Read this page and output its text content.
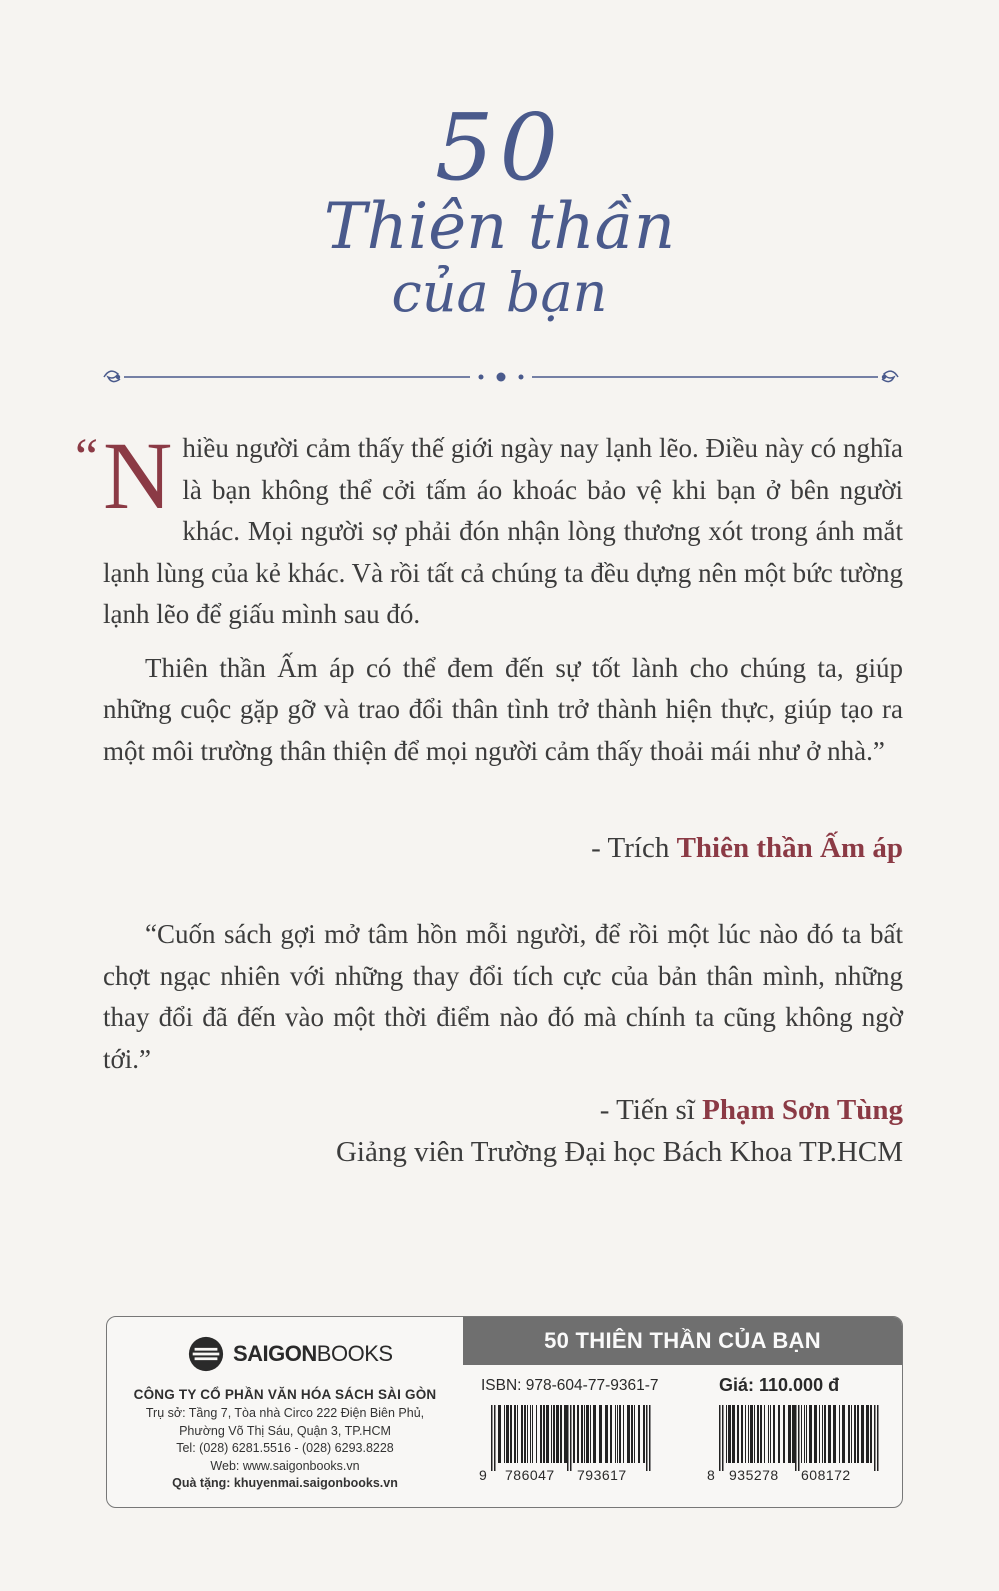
50
Thiên thần
của bạn
“ Nhiều người cảm thấy thế giới ngày nay lạnh lẽo. Điều này có nghĩa là bạn không thể cởi tấm áo khoác bảo vệ khi bạn ở bên người khác. Mọi người sợ phải đón nhận lòng thương xót trong ánh mắt lạnh lùng của kẻ khác. Và rồi tất cả chúng ta đều dựng nên một bức tường lạnh lẽo để giấu mình sau đó.

Thiên thần Ấm áp có thể đem đến sự tốt lành cho chúng ta, giúp những cuộc gặp gỡ và trao đổi thân tình trở thành hiện thực, giúp tạo ra một môi trường thân thiện để mọi người cảm thấy thoải mái như ở nhà.”

- Trích Thiên thần Ấm áp

“Cuốn sách gợi mở tâm hồn mỗi người, để rồi một lúc nào đó ta bất chợt ngạc nhiên với những thay đổi tích cực của bản thân mình, những thay đổi đã đến vào một thời điểm nào đó mà chính ta cũng không ngờ tới.”

- Tiến sĩ Phạm Sơn Tùng
Giảng viên Trường Đại học Bách Khoa TP.HCM
SAIGONBOOKS
CÔNG TY CỔ PHẦN VĂN HÓA SÁCH SÀI GÒN
Trụ sở: Tầng 7, Tòa nhà Circo 222 Điện Biên Phủ,
Phường Võ Thị Sáu, Quận 3, TP.HCM
Tel: (028) 6281.5516 - (028) 6293.8228
Web: www.saigonbooks.vn
Quà tặng: khuyenmai.saigonbooks.vn
50 THIÊN THẦN CỦA BẠN
ISBN: 978-604-77-9361-7	Giá: 110.000 đ
9 786047 793617	8 935278 608172
